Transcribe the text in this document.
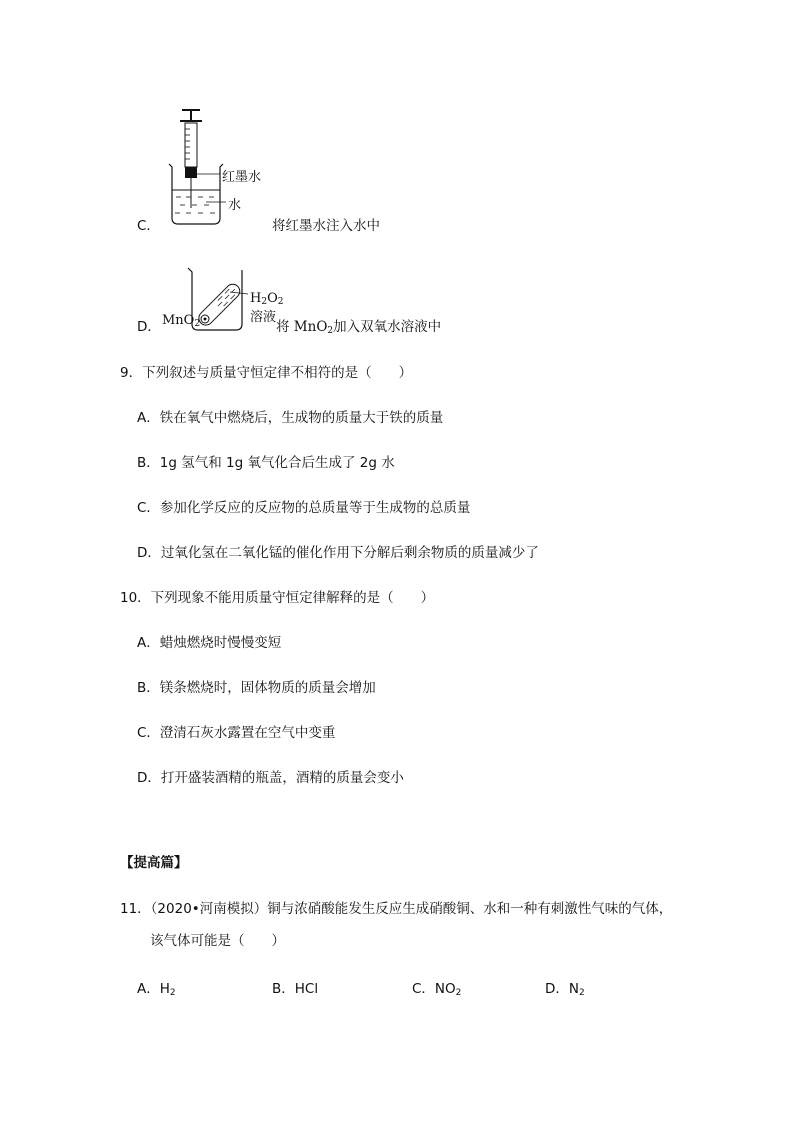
红墨水
水
C．	将红墨水注入水中
$H_2O_2$
溶液
MnO$_2$
D．	将 MnO$_2$加入双氧水溶液中
9．下列叙述与质量守恒定律不相符的是（　　）
A．铁在氧气中燃烧后，生成物的质量大于铁的质量
B．1g 氢气和 1g 氧气化合后生成了 2g 水
C．参加化学反应的反应物的总质量等于生成物的总质量
D．过氧化氢在二氧化锰的催化作用下分解后剩余物质的质量减少了
10．下列现象不能用质量守恒定律解释的是（　　）
A．蜡烛燃烧时慢慢变短
B．镁条燃烧时，固体物质的质量会增加
C．澄清石灰水露置在空气中变重
D．打开盛装酒精的瓶盖，酒精的质量会变小
【提高篇】
11．（2020•河南模拟）铜与浓硝酸能发生反应生成硝酸铜、水和一种有刺激性气味的气体，
该气体可能是（　　）
A．$H_2$	B．HCl	C．$NO_2$	D．$N_2$
